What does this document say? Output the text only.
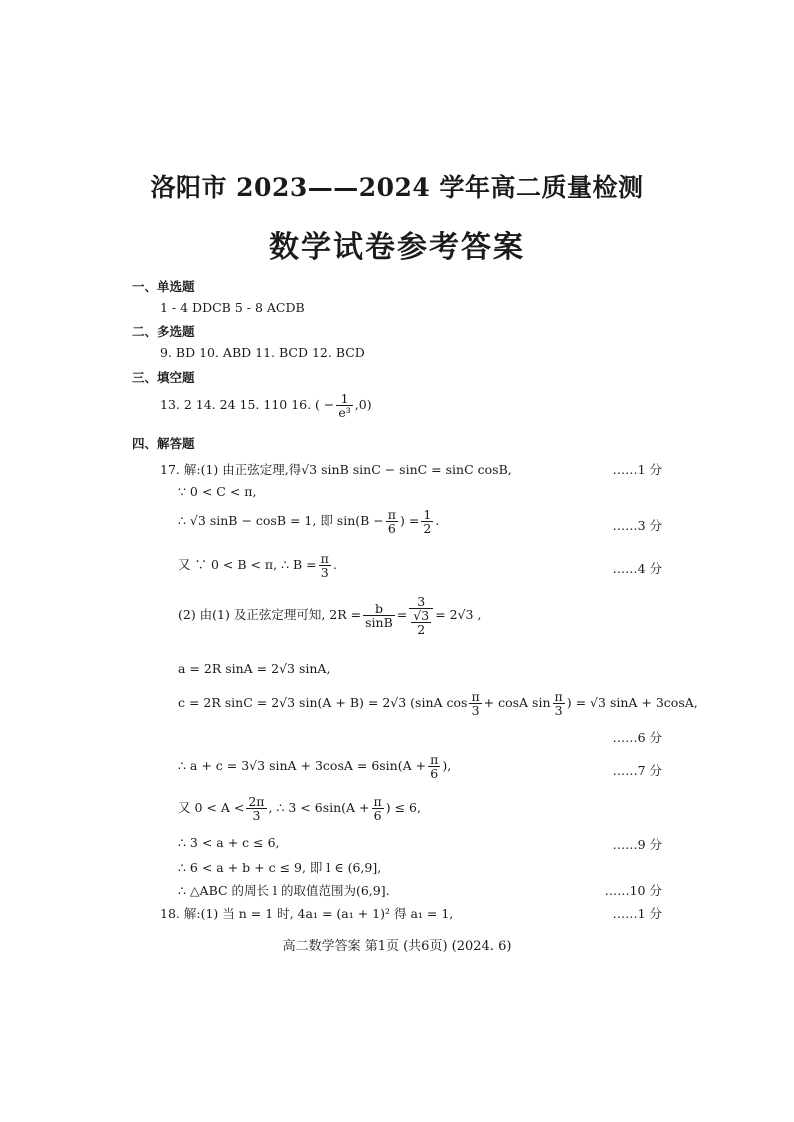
洛阳市 2023——2024 学年高二质量检测
数学试卷参考答案
一、单选题
1 - 4 DDCB 5 - 8 ACDB
二、多选题
9. BD 10. ABD 11. BCD 12. BCD
三、填空题
13. 2 14. 24 15. 110 16. ( − $\frac{1}{\text{e³}} ,0$)
四、解答题
17. 解:(1) 由正弦定理,得√3 sinB sinC − sinC = sinC cosB,	……1 分
∵ 0 < C < π,
∴ √3 sinB − cosB = 1, 即 $\sin(B - \frac{\pi}{6}$ ) = $\frac{1}{2}$ .	……3 分
又 ∵ 0 < B < π, ∴ $B = \frac{\pi}{3}$ .	……4 分
(2) 由(1) 及正弦定理可知, $2R = \frac{b}{\sin B} = \frac{3}{\frac{√3}{2}} = 2√3$ ,
a = 2R sinA = 2√3 sinA,
c = 2R sinC = 2√3 sin(A + B) = 2√3 (sinA $\cos \frac{\pi}{3} + \cos A$ $\sin \frac{\pi}{3}$ ) = √3 sinA + 3cosA,
……6 分
∴ a + c = 3√3 $\sin A + 3\cos A = 6\sin(A + \frac{\pi}{6}$ ),	……7 分
又 $0 < A < \frac{2\pi}{3}$ , ∴ $3 < 6\sin(A + \frac{\pi}{6}$ ) ≤ 6,
∴ 3 < a + c ≤ 6,	……9 分
∴ 6 < a + b + c ≤ 9, 即 l ∈ (6,9],
∴ △ABC 的周长 l 的取值范围为(6,9].	……10 分
18. 解:(1) 当 n = 1 时, 4a₁ = (a₁ + 1)² 得 a₁ = 1,	……1 分
高二数学答案 第1页 (共6页) (2024. 6)
